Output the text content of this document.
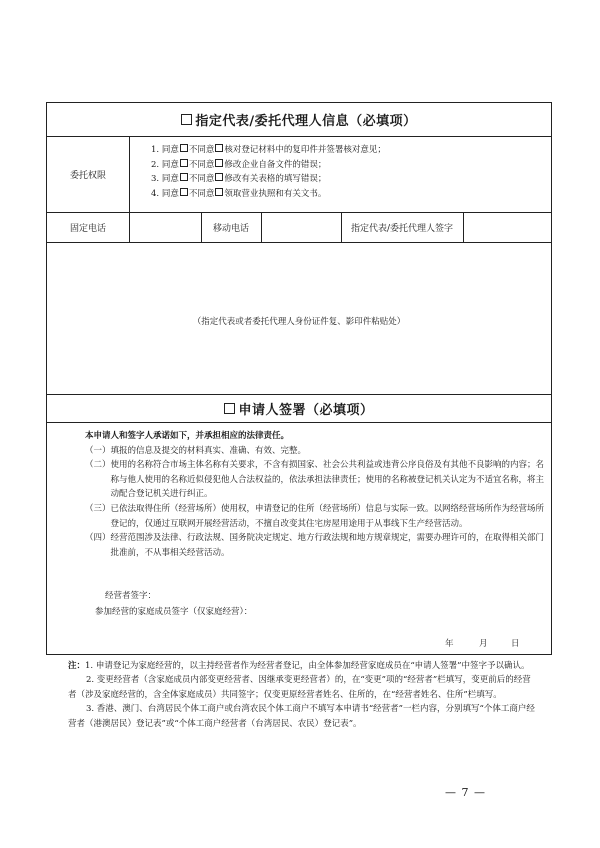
指定代表/委托代理人信息（必填项）
委托权限
1. 同意 不同意 核对登记材料中的复印件并签署核对意见；
2. 同意 不同意 修改企业自备文件的错误；
3. 同意 不同意 修改有关表格的填写错误；
4. 同意 不同意 领取营业执照和有关文书。
固定电话	移动电话	指定代表/委托代理人签字
（指定代表或者委托代理人身份证件复、影印件粘贴处）
申请人签署（必填项）
本申请人和签字人承诺如下，并承担相应的法律责任。
（一） 填报的信息及提交的材料真实、准确、有效、完整。
（二） 使用的名称符合市场主体名称有关要求，不含有损国家、社会公共利益或违背公序良俗及有其他不良影响的内容；名称与他人使用的名称近似侵犯他人合法权益的，依法承担法律责任；使用的名称被登记机关认定为不适宜名称，将主动配合登记机关进行纠正。
（三） 已依法取得住所（经营场所）使用权，申请登记的住所（经营场所）信息与实际一致。以网络经营场所作为经营场所登记的，仅通过互联网开展经营活动，不擅自改变其住宅房屋用途用于从事线下生产经营活动。
（四） 经营范围涉及法律、行政法规、国务院决定规定、地方行政法规和地方规章规定，需要办理许可的，在取得相关部门批准前，不从事相关经营活动。
经营者签字：
参加经营的家庭成员签字（仅家庭经营）：
年	月	日

注：1. 申请登记为家庭经营的，以主持经营者作为经营者登记，由全体参加经营家庭成员在“申请人签署”中签字予以确认。

2. 变更经营者（含家庭成员内部变更经营者、因继承变更经营者）的，在“变更”项的“经营者”栏填写，变更前后的经营者（涉及家庭经营的，含全体家庭成员）共同签字；仅变更原经营者姓名、住所的，在“经营者姓名、住所”栏填写。

3. 香港、澳门、台湾居民个体工商户或台湾农民个体工商户不填写本申请书“经营者”一栏内容，分别填写“个体工商户经营者（港澳居民）登记表”或“个体工商户经营者（台湾居民、农民）登记表”。

— 7 —
